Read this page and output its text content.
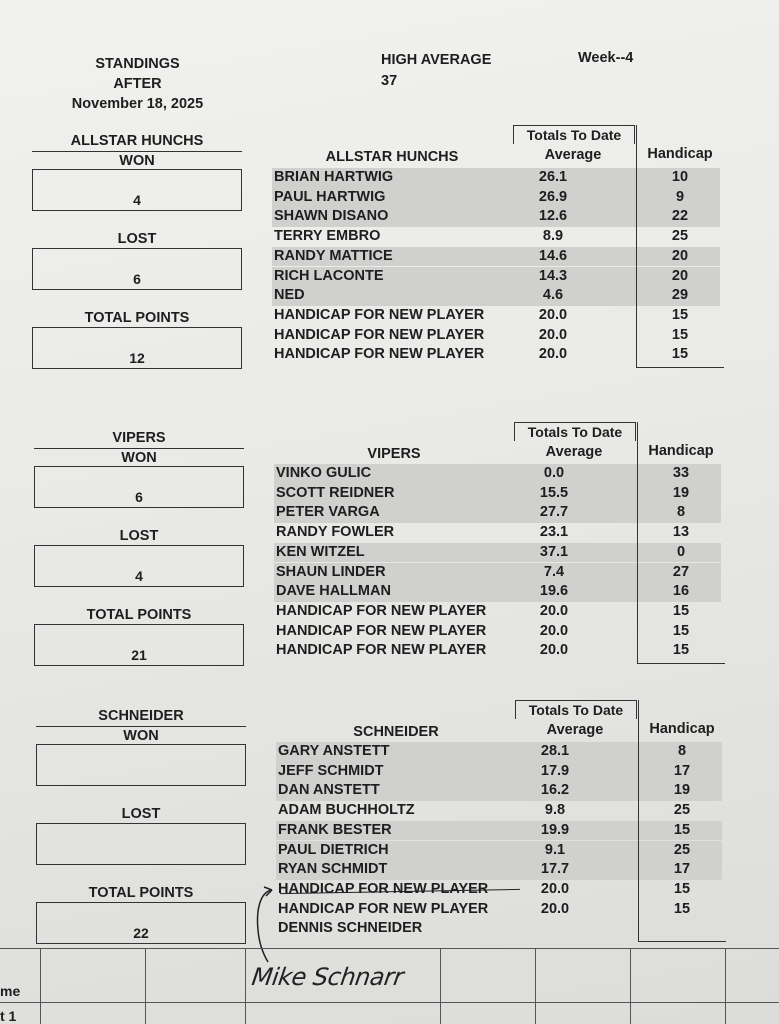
STANDINGS
AFTER
November 18, 2025
HIGH AVERAGE
37
Week--4
ALLSTAR HUNCHS
WON
4
LOST
6
TOTAL POINTS
12
Totals To Date
ALLSTAR HUNCHS	Average	Handicap
BRIAN HARTWIG	26.1	10
PAUL HARTWIG	26.9	9
SHAWN DISANO	12.6	22
TERRY EMBRO	8.9	25
RANDY MATTICE	14.6	20
RICH LACONTE	14.3	20
NED	4.6	29
HANDICAP FOR NEW PLAYER	20.0	15
HANDICAP FOR NEW PLAYER	20.0	15
HANDICAP FOR NEW PLAYER	20.0	15
VIPERS
WON
6
LOST
4
TOTAL POINTS
21
Totals To Date
VIPERS	Average	Handicap
VINKO GULIC	0.0	33
SCOTT REIDNER	15.5	19
PETER VARGA	27.7	8
RANDY FOWLER	23.1	13
KEN WITZEL	37.1	0
SHAUN LINDER	7.4	27
DAVE HALLMAN	19.6	16
HANDICAP FOR NEW PLAYER	20.0	15
HANDICAP FOR NEW PLAYER	20.0	15
HANDICAP FOR NEW PLAYER	20.0	15
SCHNEIDER
WON
LOST
TOTAL POINTS
22
Totals To Date
SCHNEIDER	Average	Handicap
GARY ANSTETT	28.1	8
JEFF SCHMIDT	17.9	17
DAN ANSTETT	16.2	19
ADAM BUCHHOLTZ	9.8	25
FRANK BESTER	19.9	15
PAUL DIETRICH	9.1	25
RYAN SCHMIDT	17.7	17
HANDICAP FOR NEW PLAYER	20.0	15
HANDICAP FOR NEW PLAYER	20.0	15
DENNIS SCHNEIDER
Mike Schnarr
me
t 1
